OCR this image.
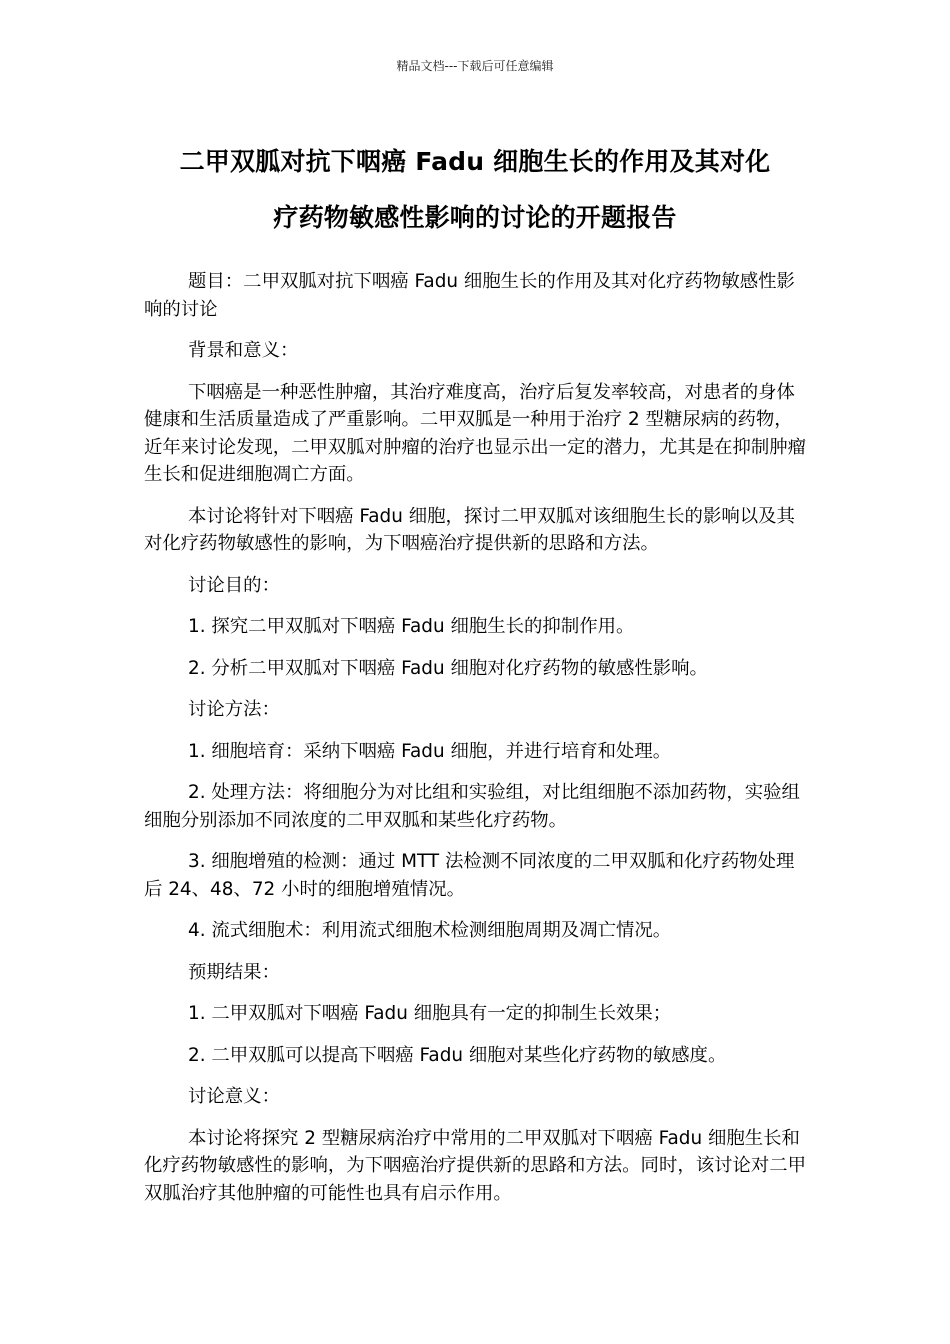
精品文档---下载后可任意编辑
二甲双胍对抗下咽癌 Fadu 细胞生长的作用及其对化
疗药物敏感性影响的讨论的开题报告

题目：二甲双胍对抗下咽癌 Fadu 细胞生长的作用及其对化疗药物敏感性影响的讨论

背景和意义：

下咽癌是一种恶性肿瘤，其治疗难度高，治疗后复发率较高，对患者的身体健康和生活质量造成了严重影响。二甲双胍是一种用于治疗 2 型糖尿病的药物，近年来讨论发现，二甲双胍对肿瘤的治疗也显示出一定的潜力，尤其是在抑制肿瘤生长和促进细胞凋亡方面。

本讨论将针对下咽癌 Fadu 细胞，探讨二甲双胍对该细胞生长的影响以及其对化疗药物敏感性的影响，为下咽癌治疗提供新的思路和方法。

讨论目的：

1. 探究二甲双胍对下咽癌 Fadu 细胞生长的抑制作用。

2. 分析二甲双胍对下咽癌 Fadu 细胞对化疗药物的敏感性影响。

讨论方法：

1. 细胞培育：采纳下咽癌 Fadu 细胞，并进行培育和处理。

2. 处理方法：将细胞分为对比组和实验组，对比组细胞不添加药物，实验组细胞分别添加不同浓度的二甲双胍和某些化疗药物。

3. 细胞增殖的检测：通过 MTT 法检测不同浓度的二甲双胍和化疗药物处理后 24、48、72 小时的细胞增殖情况。

4. 流式细胞术：利用流式细胞术检测细胞周期及凋亡情况。

预期结果：

1. 二甲双胍对下咽癌 Fadu 细胞具有一定的抑制生长效果；

2. 二甲双胍可以提高下咽癌 Fadu 细胞对某些化疗药物的敏感度。

讨论意义：

本讨论将探究 2 型糖尿病治疗中常用的二甲双胍对下咽癌 Fadu 细胞生长和化疗药物敏感性的影响，为下咽癌治疗提供新的思路和方法。同时，该讨论对二甲双胍治疗其他肿瘤的可能性也具有启示作用。
